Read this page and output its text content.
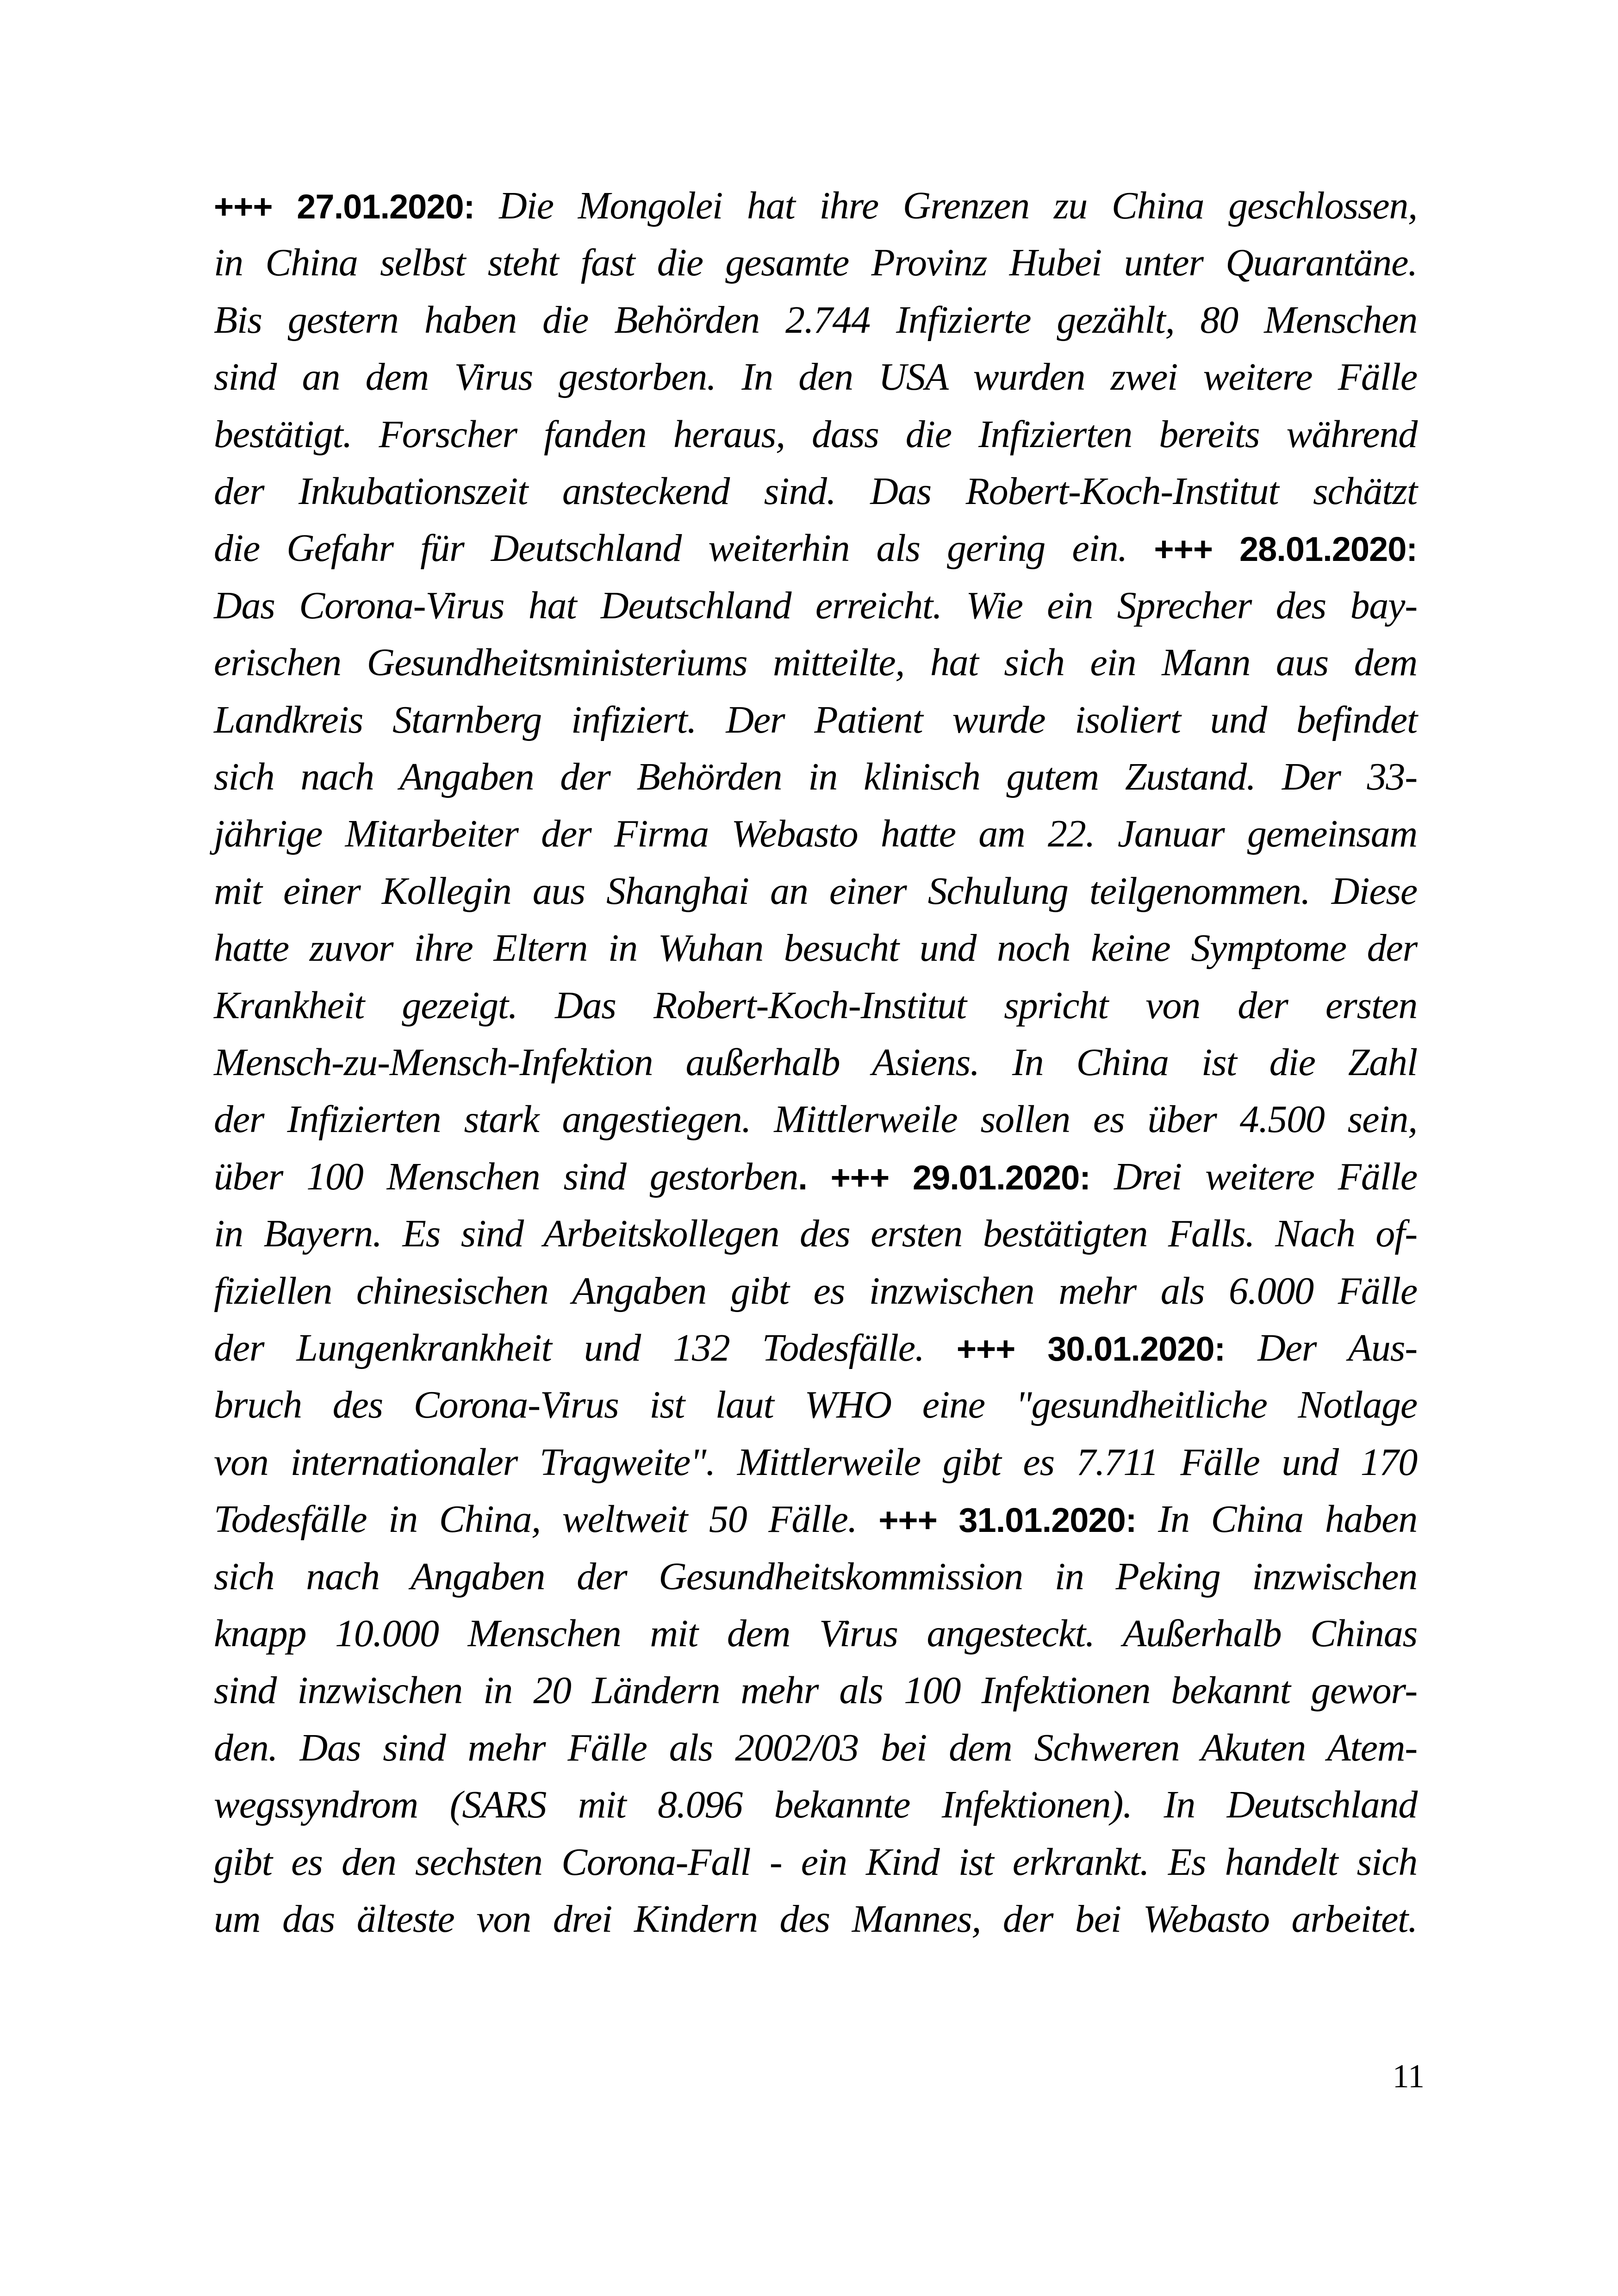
+++ 27.01.2020: Die Mongolei hat ihre Grenzen zu China geschlossen,
in China selbst steht fast die gesamte Provinz Hubei unter Quarantäne.
Bis gestern haben die Behörden 2.744 Infizierte gezählt, 80 Menschen
sind an dem Virus gestorben. In den USA wurden zwei weitere Fälle
bestätigt. Forscher fanden heraus, dass die Infizierten bereits während
der Inkubationszeit ansteckend sind. Das Robert-Koch-Institut schätzt
die Gefahr für Deutschland weiterhin als gering ein. +++ 28.01.2020:
Das Corona-Virus hat Deutschland erreicht. Wie ein Sprecher des bay-
erischen Gesundheitsministeriums mitteilte, hat sich ein Mann aus dem
Landkreis Starnberg infiziert. Der Patient wurde isoliert und befindet
sich nach Angaben der Behörden in klinisch gutem Zustand. Der 33-
jährige Mitarbeiter der Firma Webasto hatte am 22. Januar gemeinsam
mit einer Kollegin aus Shanghai an einer Schulung teilgenommen. Diese
hatte zuvor ihre Eltern in Wuhan besucht und noch keine Symptome der
Krankheit gezeigt. Das Robert-Koch-Institut spricht von der ersten
Mensch-zu-Mensch-Infektion außerhalb Asiens. In China ist die Zahl
der Infizierten stark angestiegen. Mittlerweile sollen es über 4.500 sein,
über 100 Menschen sind gestorben. +++ 29.01.2020: Drei weitere Fälle
in Bayern. Es sind Arbeitskollegen des ersten bestätigten Falls. Nach of-
fiziellen chinesischen Angaben gibt es inzwischen mehr als 6.000 Fälle
der Lungenkrankheit und 132 Todesfälle. +++ 30.01.2020: Der Aus-
bruch des Corona-Virus ist laut WHO eine "gesundheitliche Notlage
von internationaler Tragweite". Mittlerweile gibt es 7.711 Fälle und 170
Todesfälle in China, weltweit 50 Fälle. +++ 31.01.2020: In China haben
sich nach Angaben der Gesundheitskommission in Peking inzwischen
knapp 10.000 Menschen mit dem Virus angesteckt. Außerhalb Chinas
sind inzwischen in 20 Ländern mehr als 100 Infektionen bekannt gewor-
den. Das sind mehr Fälle als 2002/03 bei dem Schweren Akuten Atem-
wegssyndrom (SARS mit 8.096 bekannte Infektionen). In Deutschland
gibt es den sechsten Corona-Fall - ein Kind ist erkrankt. Es handelt sich
um das älteste von drei Kindern des Mannes, der bei Webasto arbeitet.
11
